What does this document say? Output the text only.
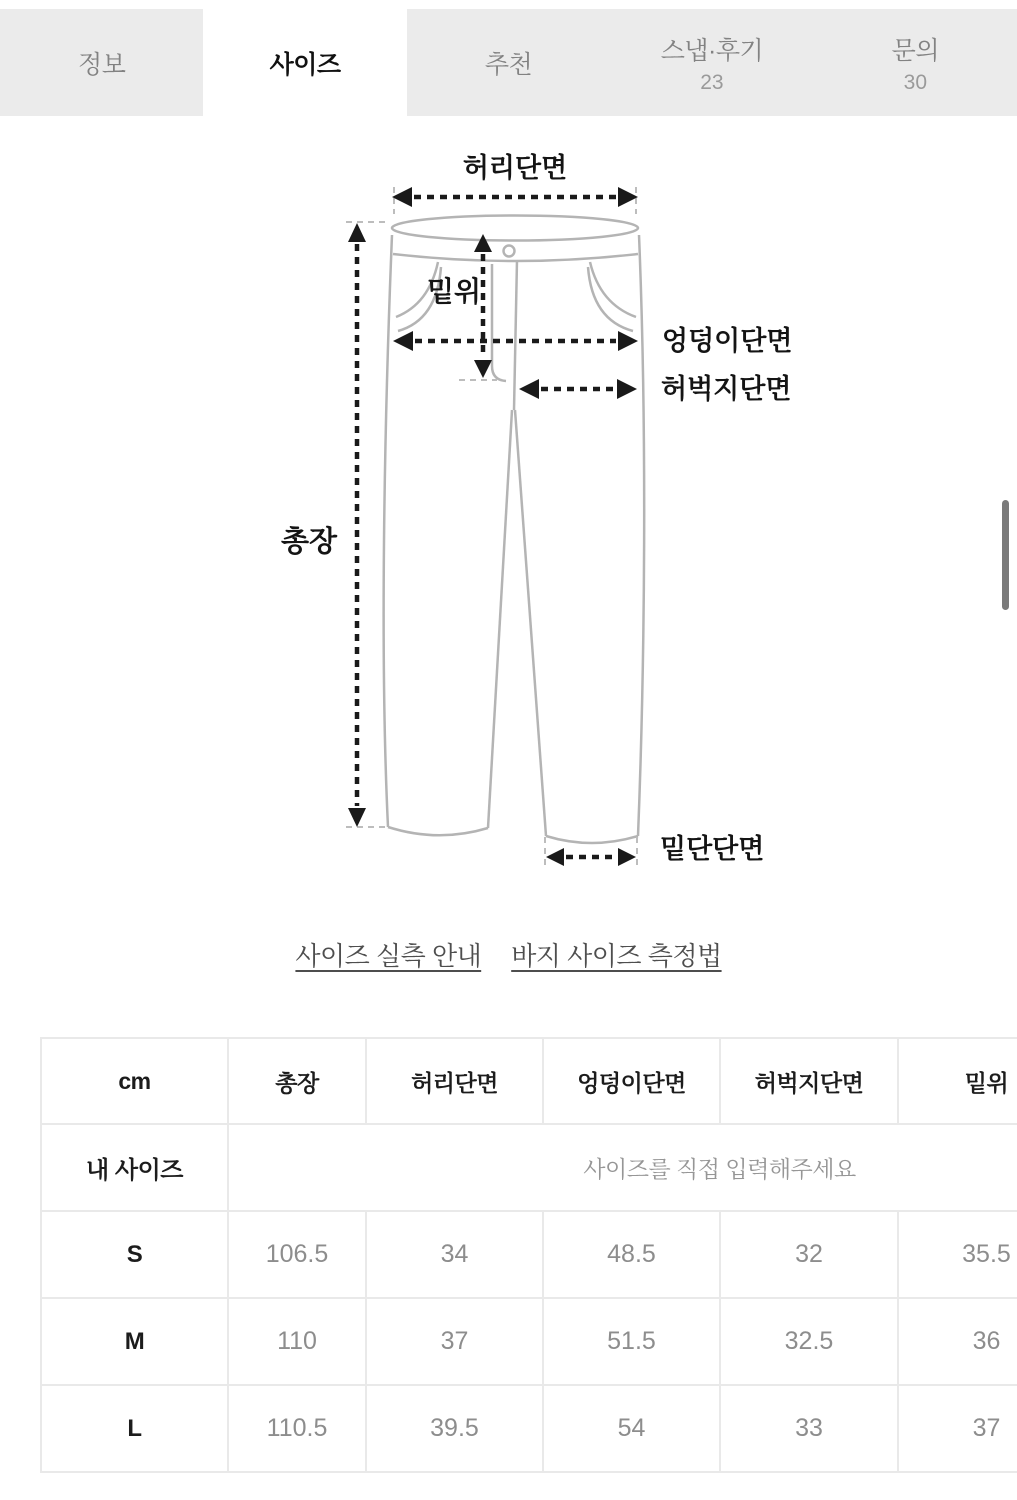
정보	사이즈	추천	스냅·후기
23
문의
30
허리단면
밑위
엉덩이단면
허벅지단면
총장
밑단단면
사이즈 실측 안내 바지 사이즈 측정법
cm	총장	허리단면	엉덩이단면	허벅지단면	밑위	
내 사이즈	사이즈를 직접 입력해주세요					
S	106.5	34	48.5	32	35.5	
M	110	37	51.5	32.5	36	
L	110.5	39.5	54	33	37	
